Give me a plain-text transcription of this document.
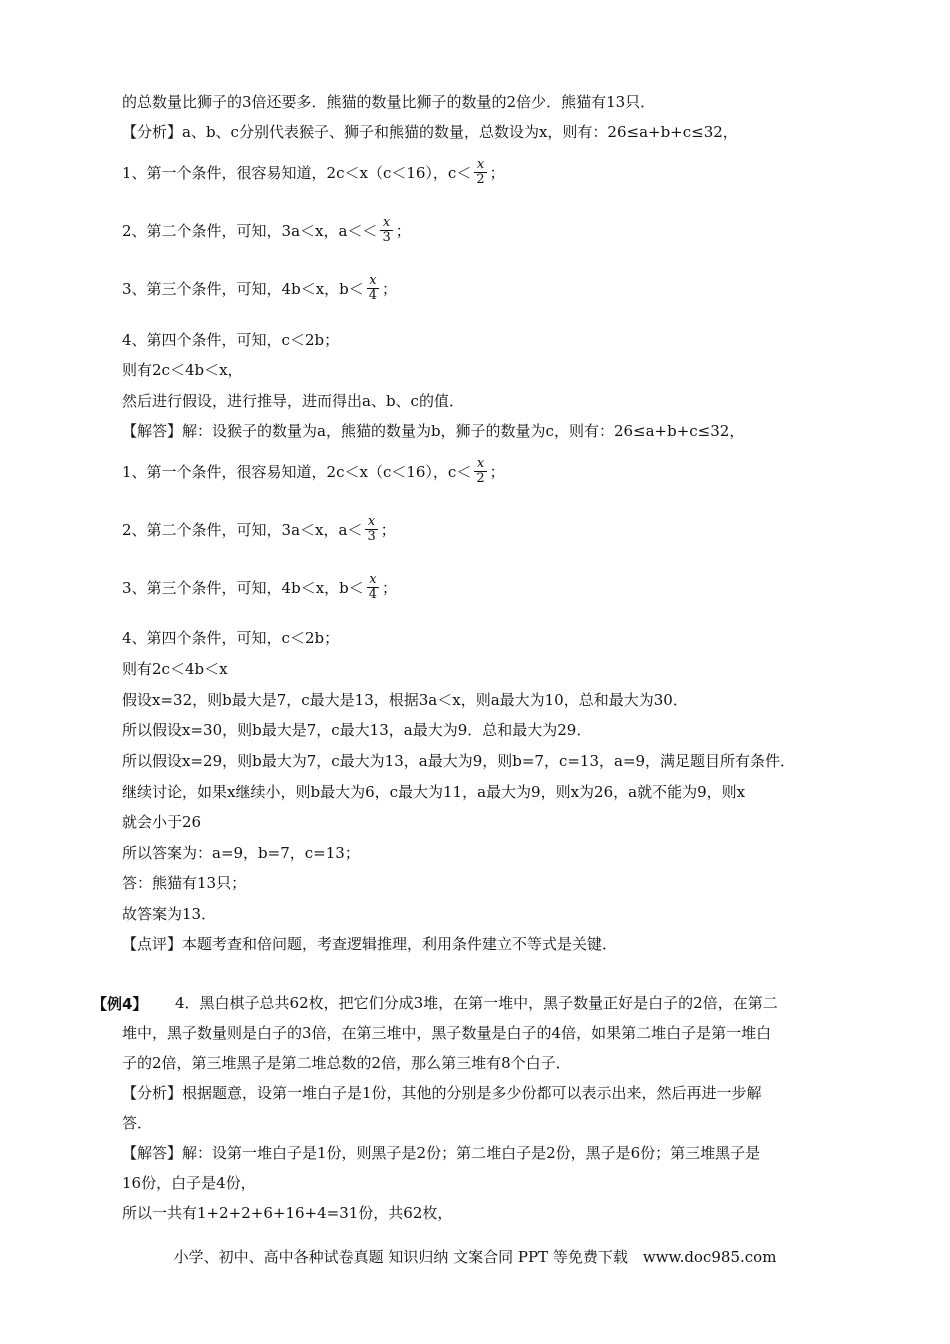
的总数量比狮子的3倍还要多．熊猫的数量比狮子的数量的2倍少．熊猫有13只．
【分析】a、b、c分别代表猴子、狮子和熊猫的数量，总数设为x，则有：26≤a+b+c≤32，
1、第一个条件，很容易知道，2c＜x（c＜16），$c< \frac{x}{2}$ ；
2、第二个条件，可知，3a＜x，$a<< \frac{x}{3}$ ；
3、第三个条件，可知，4b＜x，$b< \frac{x}{4}$ ；
4、第四个条件，可知，c＜2b；
则有2c＜4b＜x，
然后进行假设，进行推导，进而得出a、b、c的值．
【解答】解：设猴子的数量为a，熊猫的数量为b，狮子的数量为c，则有：26≤a+b+c≤32，
1、第一个条件，很容易知道，2c＜x（c＜16），$c< \frac{x}{2}$ ；
2、第二个条件，可知，3a＜x，$a< \frac{x}{3}$ ；
3、第三个条件，可知，4b＜x，$b< \frac{x}{4}$ ；
4、第四个条件，可知，c＜2b；
则有2c＜4b＜x
假设x=32，则b最大是7，c最大是13，根据3a＜x，则a最大为10，总和最大为30．
所以假设x=30，则b最大是7，c最大13，a最大为9．总和最大为29．
所以假设x=29，则b最大为7，c最大为13，a最大为9，则b=7，c=13，a=9，满足题目所有条件．
继续讨论，如果x继续小，则b最大为6，c最大为11，a最大为9，则x为26，a就不能为9，则x
就会小于26
所以答案为：a=9，b=7，c=13；
答：熊猫有13只；
故答案为13．
【点评】本题考查和倍问题，考查逻辑推理，利用条件建立不等式是关键．
【例4】 4．黑白棋子总共62枚，把它们分成3堆，在第一堆中，黑子数量正好是白子的2倍，在第二
堆中，黑子数量则是白子的3倍，在第三堆中，黑子数量是白子的4倍，如果第二堆白子是第一堆白
子的2倍，第三堆黑子是第二堆总数的2倍，那么第三堆有8个白子．
【分析】根据题意，设第一堆白子是1份，其他的分别是多少份都可以表示出来，然后再进一步解
答．
【解答】解：设第一堆白子是1份，则黑子是2份；第二堆白子是2份，黑子是6份；第三堆黑子是
16份，白子是4份，
所以一共有1+2+2+6+16+4=31份，共62枚，
小学、初中、高中各种试卷真题 知识归纳 文案合同 PPT 等免费下载　www.doc985.com
